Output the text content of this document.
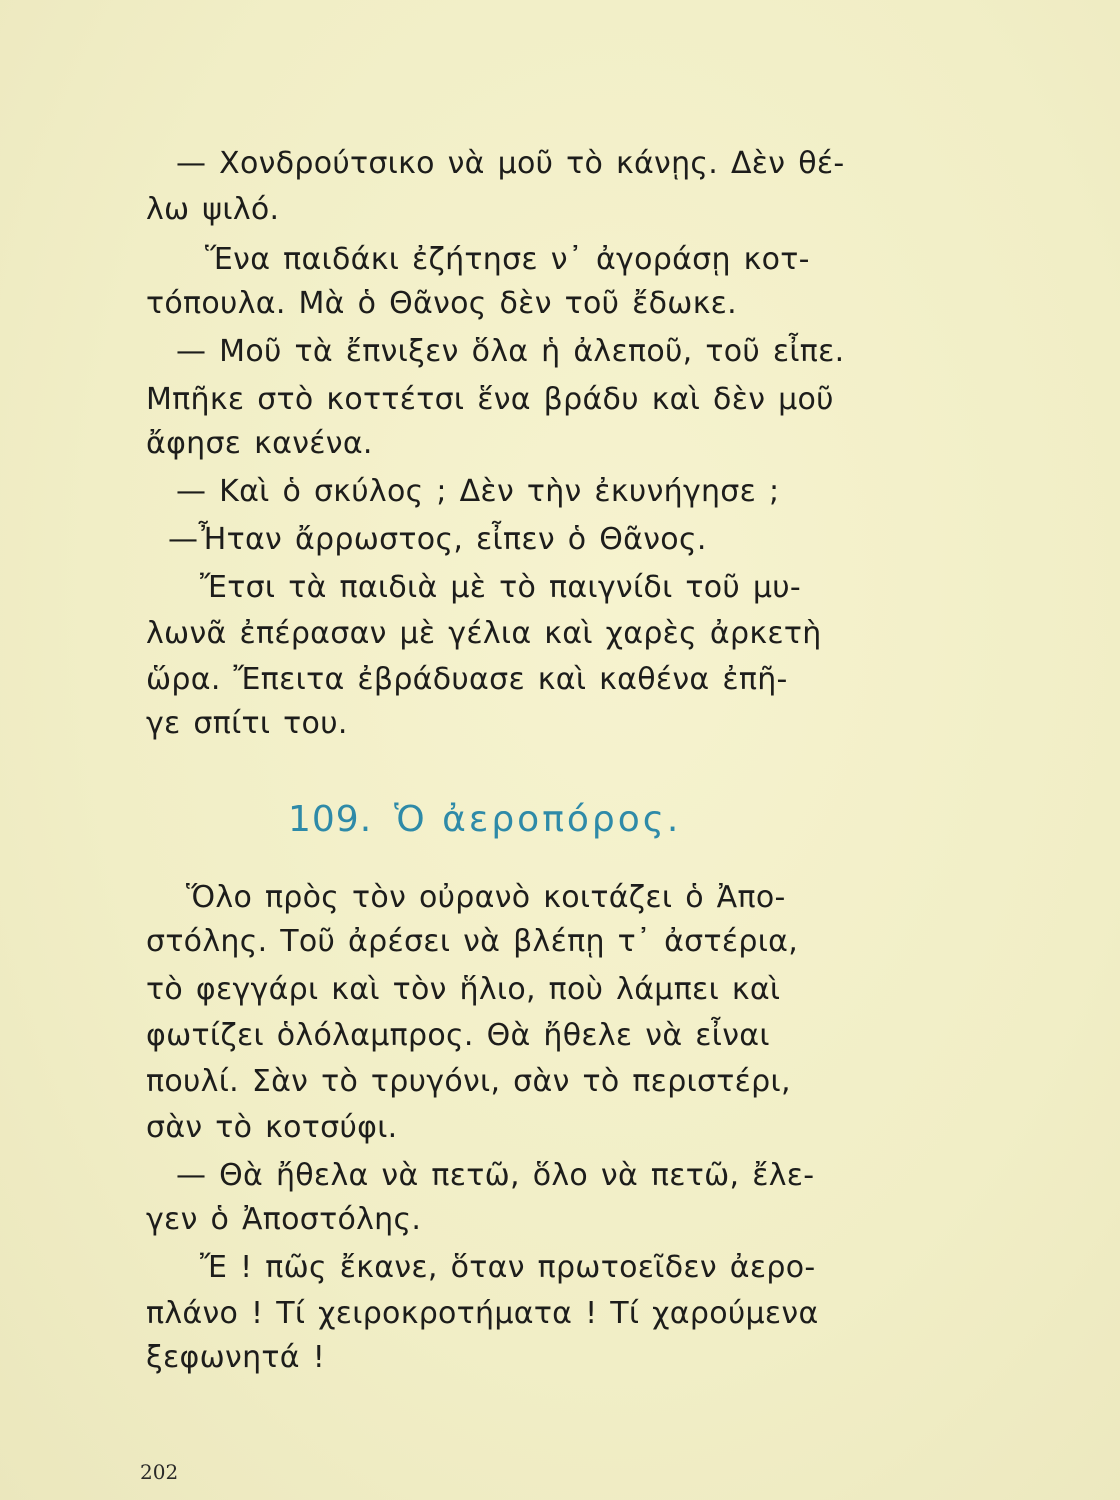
— Χονδρούτσικο νὰ μοῦ τὸ κάνῃς. Δὲν θέ-
λω ψιλό.
Ἕνα παιδάκι ἐζήτησε ν᾽ ἀγοράσῃ κοτ-
τόπουλα. Μὰ ὁ Θᾶνος δὲν τοῦ ἔδωκε.
— Μοῦ τὰ ἔπνιξεν ὅλα ἡ ἀλεποῦ, τοῦ εἶπε.
Μπῆκε στὸ κοττέτσι ἕνα βράδυ καὶ δὲν μοῦ
ἄφησε κανένα.
— Καὶ ὁ σκύλος ; Δὲν τὴν ἐκυνήγησε ;
—Ἦταν ἄρρωστος, εἶπεν ὁ Θᾶνος.
Ἔτσι τὰ παιδιὰ μὲ τὸ παιγνίδι τοῦ μυ-
λωνᾶ ἐπέρασαν μὲ γέλια καὶ χαρὲς ἀρκετὴ
ὥρα. Ἔπειτα ἐβράδυασε καὶ καθένα ἐπῆ-
γε σπίτι του.
109. Ὁ ἀεροπόρος.
Ὅλο πρὸς τὸν οὐρανὸ κοιτάζει ὁ Ἀπο-
στόλης. Τοῦ ἀρέσει νὰ βλέπῃ τ᾽ ἀστέρια,
τὸ φεγγάρι καὶ τὸν ἥλιο, ποὺ λάμπει καὶ
φωτίζει ὁλόλαμπρος. Θὰ ἤθελε νὰ εἶναι
πουλί. Σὰν τὸ τρυγόνι, σὰν τὸ περιστέρι,
σὰν τὸ κοτσύφι.
— Θὰ ἤθελα νὰ πετῶ, ὅλο νὰ πετῶ, ἔλε-
γεν ὁ Ἀποστόλης.
Ἔ ! πῶς ἔκανε, ὅταν πρωτοεῖδεν ἀερο-
πλάνο ! Τί χειροκροτήματα ! Τί χαρούμενα
ξεφωνητά !
202
